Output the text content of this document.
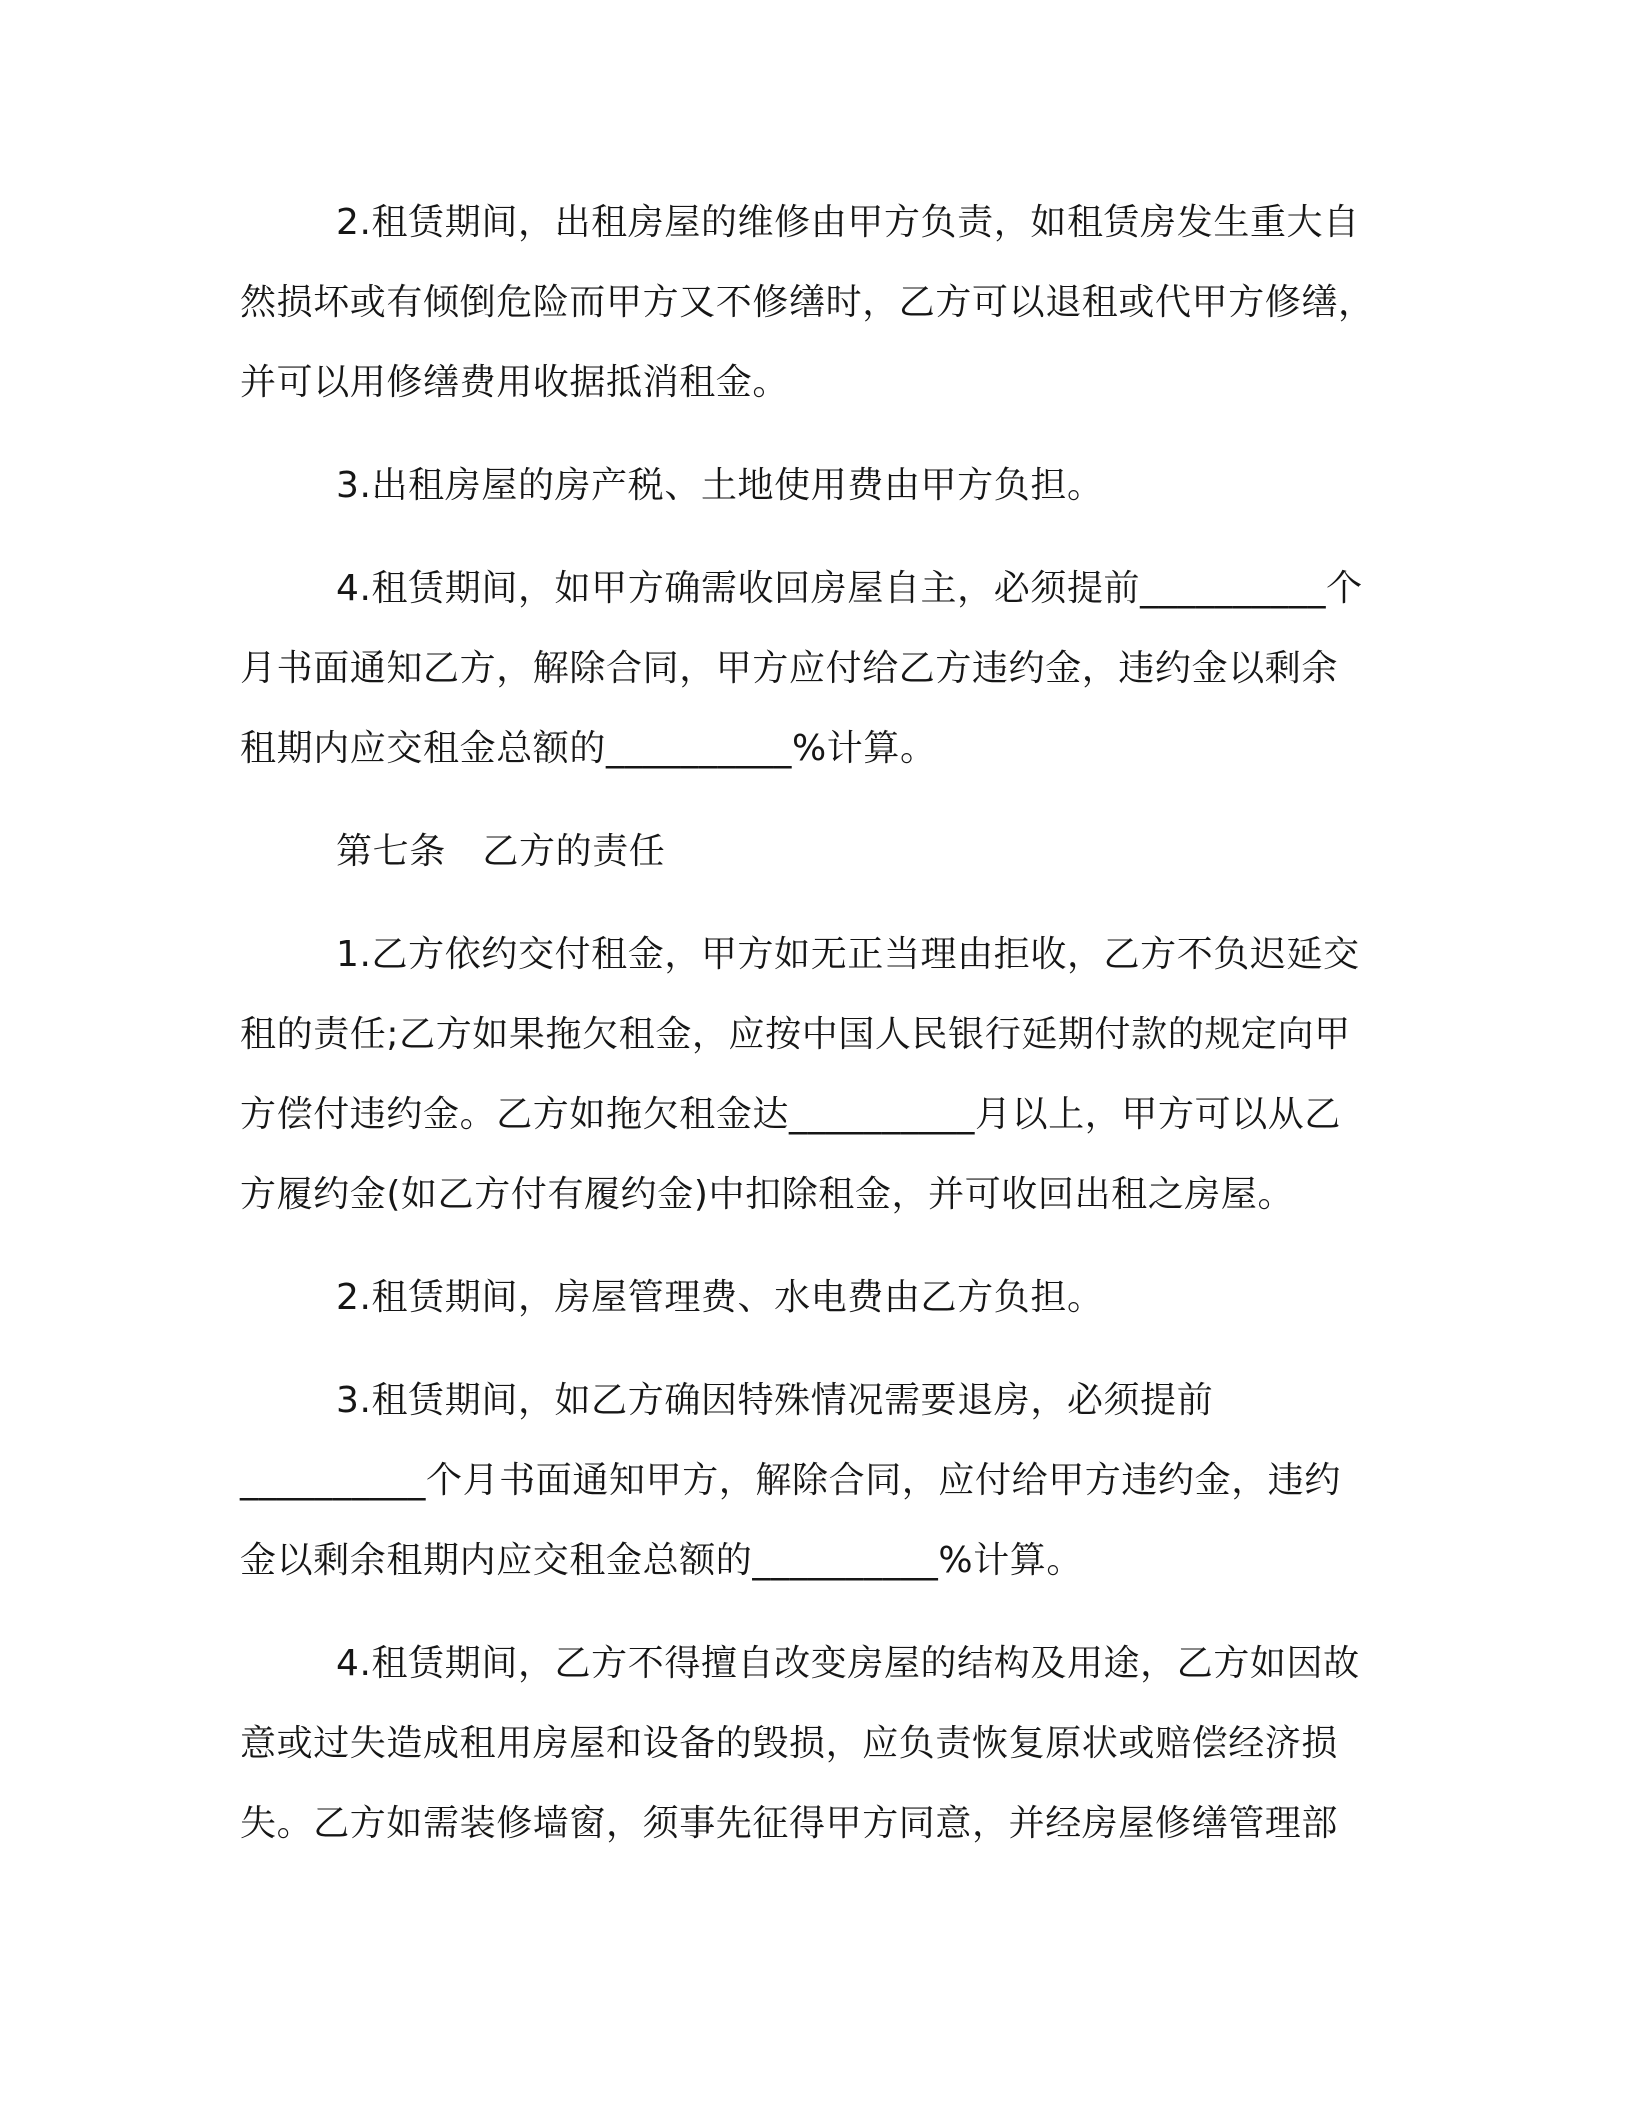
2.租赁期间，出租房屋的维修由甲方负责，如租赁房发生重大自
然损坏或有倾倒危险而甲方又不修缮时，乙方可以退租或代甲方修缮，
并可以用修缮费用收据抵消租金。

3.出租房屋的房产税、土地使用费由甲方负担。

4.租赁期间，如甲方确需收回房屋自主，必须提前__________个
月书面通知乙方，解除合同，甲方应付给乙方违约金，违约金以剩余
租期内应交租金总额的__________%计算。

第七条　乙方的责任

1.乙方依约交付租金，甲方如无正当理由拒收，乙方不负迟延交
租的责任;乙方如果拖欠租金，应按中国人民银行延期付款的规定向甲
方偿付违约金。乙方如拖欠租金达__________月以上，甲方可以从乙
方履约金(如乙方付有履约金)中扣除租金，并可收回出租之房屋。

2.租赁期间，房屋管理费、水电费由乙方负担。

3.租赁期间，如乙方确因特殊情况需要退房，必须提前
__________个月书面通知甲方，解除合同，应付给甲方违约金，违约
金以剩余租期内应交租金总额的__________%计算。

4.租赁期间，乙方不得擅自改变房屋的结构及用途，乙方如因故
意或过失造成租用房屋和设备的毁损，应负责恢复原状或赔偿经济损
失。乙方如需装修墙窗，须事先征得甲方同意，并经房屋修缮管理部
